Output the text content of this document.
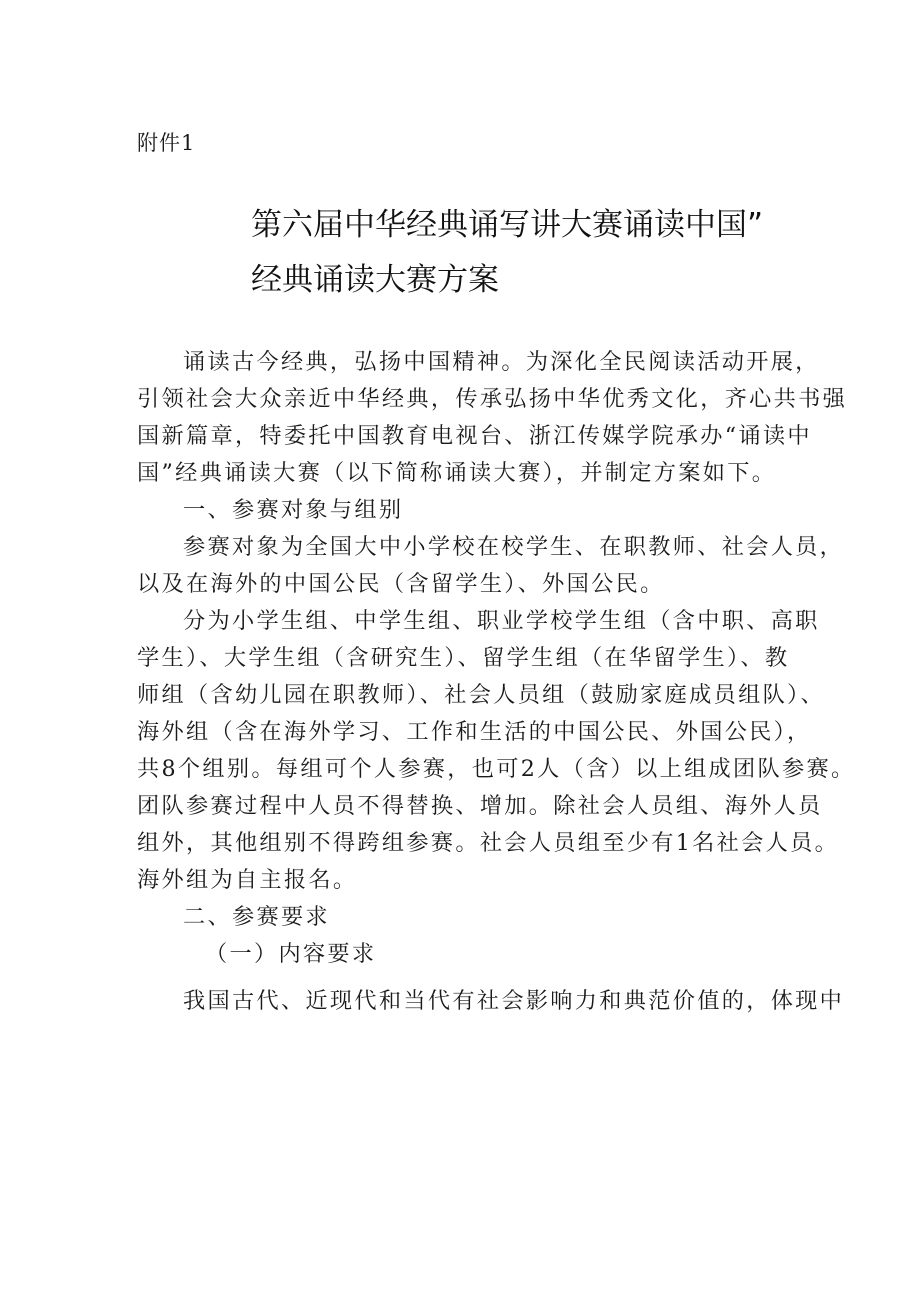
附件1
第六届中华经典诵写讲大赛诵读中国”
经典诵读大赛方案
诵读古今经典，弘扬中国精神。为深化全民阅读活动开展，
引领社会大众亲近中华经典，传承弘扬中华优秀文化，齐心共书强
国新篇章，特委托中国教育电视台、浙江传媒学院承办“诵读中
国”经典诵读大赛（以下简称诵读大赛），并制定方案如下。
一、参赛对象与组别
参赛对象为全国大中小学校在校学生、在职教师、社会人员，
以及在海外的中国公民（含留学生）、外国公民。
分为小学生组、中学生组、职业学校学生组（含中职、高职
学生）、大学生组（含研究生）、留学生组（在华留学生）、教
师组（含幼儿园在职教师）、社会人员组（鼓励家庭成员组队）、
海外组（含在海外学习、工作和生活的中国公民、外国公民），
共8个组别。每组可个人参赛，也可2人（含）以上组成团队参赛。
团队参赛过程中人员不得替换、增加。除社会人员组、海外人员
组外，其他组别不得跨组参赛。社会人员组至少有1名社会人员。
海外组为自主报名。
二、参赛要求
（一）内容要求
我国古代、近现代和当代有社会影响力和典范价值的，体现中
